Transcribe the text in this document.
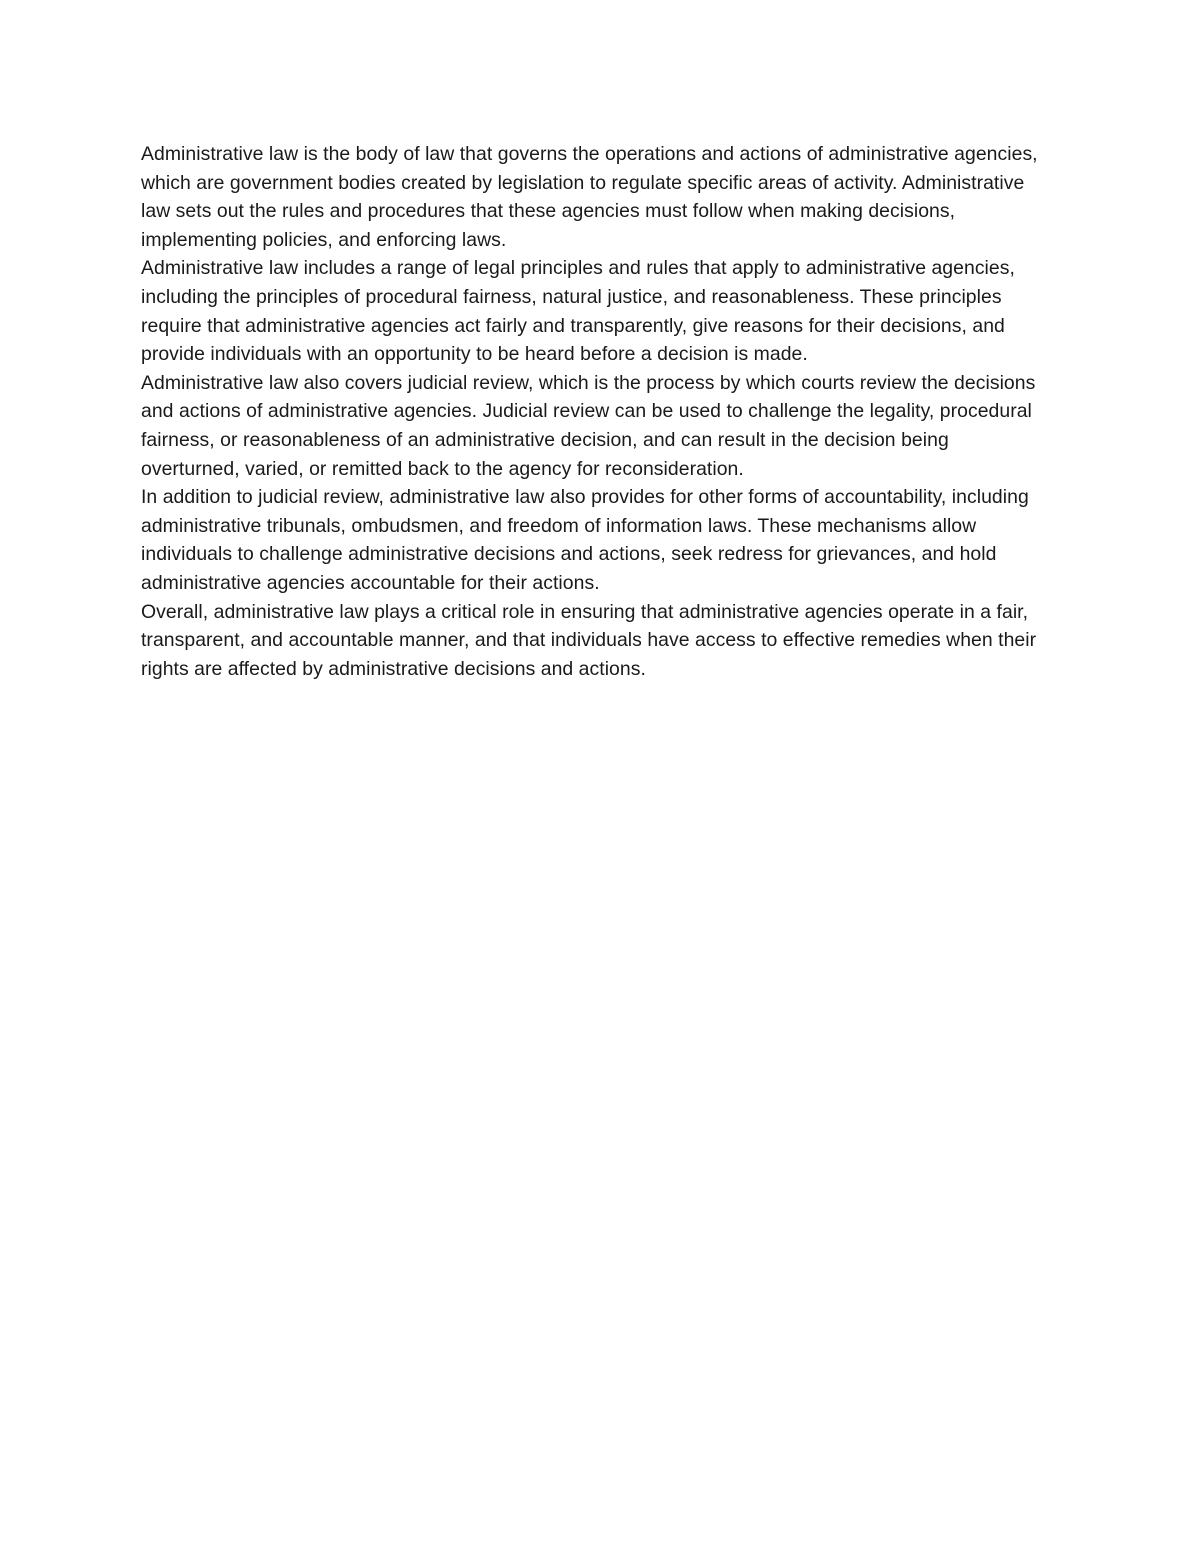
Administrative law is the body of law that governs the operations and actions of administrative agencies, which are government bodies created by legislation to regulate specific areas of activity. Administrative law sets out the rules and procedures that these agencies must follow when making decisions, implementing policies, and enforcing laws.

Administrative law includes a range of legal principles and rules that apply to administrative agencies, including the principles of procedural fairness, natural justice, and reasonableness. These principles require that administrative agencies act fairly and transparently, give reasons for their decisions, and provide individuals with an opportunity to be heard before a decision is made.

Administrative law also covers judicial review, which is the process by which courts review the decisions and actions of administrative agencies. Judicial review can be used to challenge the legality, procedural fairness, or reasonableness of an administrative decision, and can result in the decision being overturned, varied, or remitted back to the agency for reconsideration.

In addition to judicial review, administrative law also provides for other forms of accountability, including administrative tribunals, ombudsmen, and freedom of information laws. These mechanisms allow individuals to challenge administrative decisions and actions, seek redress for grievances, and hold administrative agencies accountable for their actions.

Overall, administrative law plays a critical role in ensuring that administrative agencies operate in a fair, transparent, and accountable manner, and that individuals have access to effective remedies when their rights are affected by administrative decisions and actions.
